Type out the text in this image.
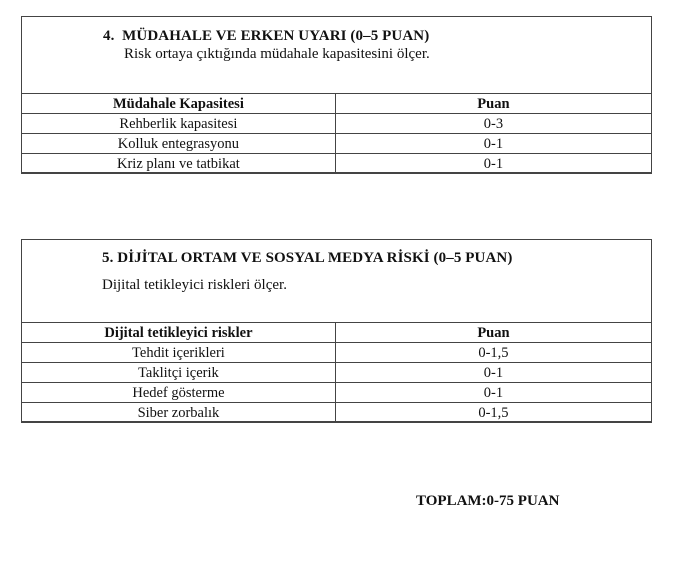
4.  MÜDAHALE VE ERKEN UYARI (0–5 PUAN)
Risk ortaya çıktığında müdahale kapasitesini ölçer.
Müdahale Kapasitesi	Puan
Rehberlik kapasitesi	0-3
Kolluk entegrasyonu	0-1
Kriz planı ve tatbikat	0-1
5. DİJİTAL ORTAM VE SOSYAL MEDYA RİSKİ (0–5 PUAN)
Dijital tetikleyici riskleri ölçer.
Dijital tetikleyici riskler	Puan
Tehdit içerikleri	0-1,5
Taklitçi içerik	0-1
Hedef gösterme	0-1
Siber zorbalık	0-1,5
TOPLAM:0-75 PUAN
